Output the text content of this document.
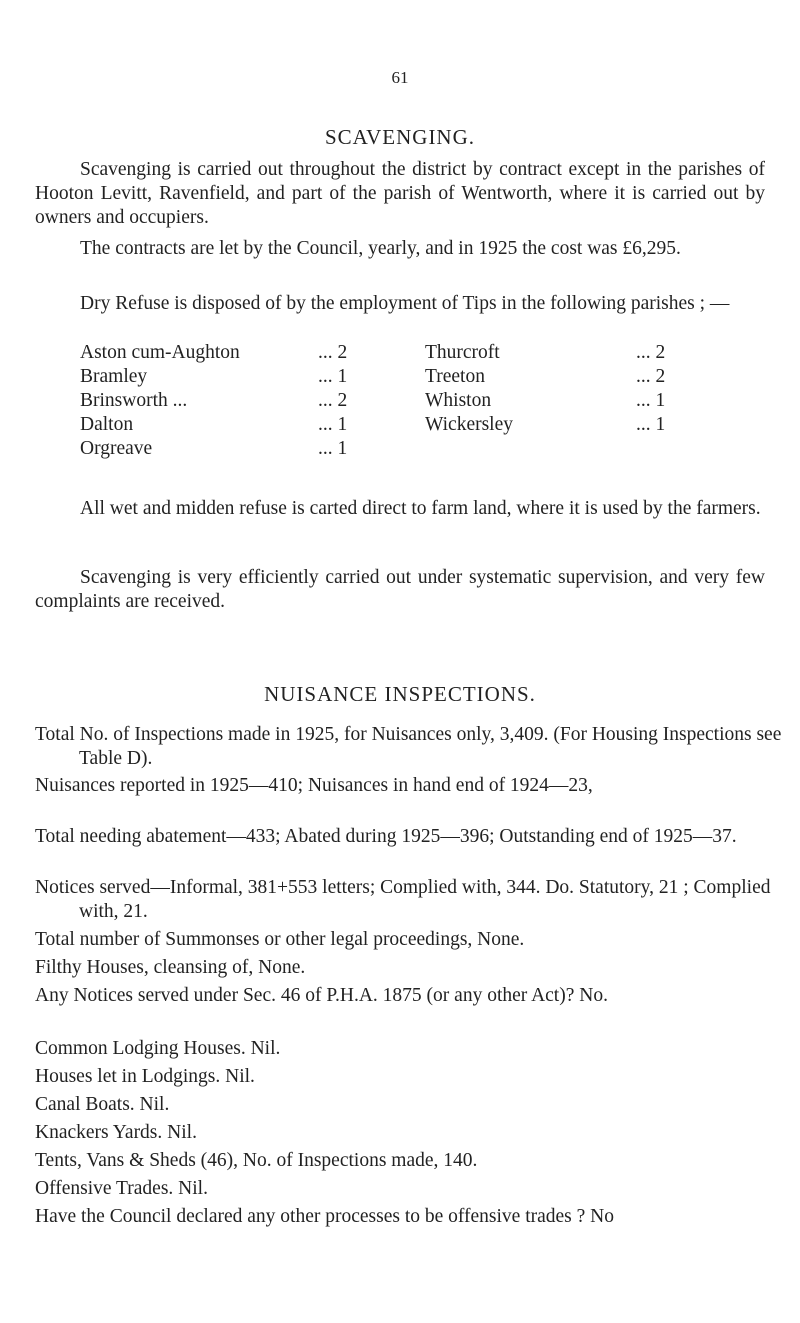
61
SCAVENGING.

Scavenging is carried out throughout the district by contract except in the parishes of Hooton Levitt, Ravenfield, and part of the parish of Wentworth, where it is carried out by owners and occupiers.

The contracts are let by the Council, yearly, and in 1925 the cost was £6,295.

Dry Refuse is disposed of by the employment of Tips in the following parishes ; —

Aston cum-Aughton	... 2
Bramley	... 1
Brinsworth ...	... 2
Dalton	... 1
Orgreave	... 1
Thurcroft	... 2
Treeton	... 2
Whiston	... 1
Wickersley	... 1

All wet and midden refuse is carted direct to farm land, where it is used by the farmers.

Scavenging is very efficiently carried out under systematic supervision, and very few complaints are received.

NUISANCE INSPECTIONS.

Total No. of Inspections made in 1925, for Nuisances only, 3,409. (For Housing Inspections see Table D).

Nuisances reported in 1925—410; Nuisances in hand end of 1924—23,

Total needing abatement—433; Abated during 1925—396; Outstanding end of 1925—37.

Notices served—Informal, 381+553 letters; Complied with, 344. Do. Statutory, 21 ; Complied with, 21.

Total number of Summonses or other legal proceedings, None.

Filthy Houses, cleansing of, None.

Any Notices served under Sec. 46 of P.H.A. 1875 (or any other Act)? No.

Common Lodging Houses. Nil.

Houses let in Lodgings. Nil.

Canal Boats. Nil.

Knackers Yards. Nil.

Tents, Vans & Sheds (46), No. of Inspections made, 140.

Offensive Trades. Nil.

Have the Council declared any other processes to be offensive trades ? No
